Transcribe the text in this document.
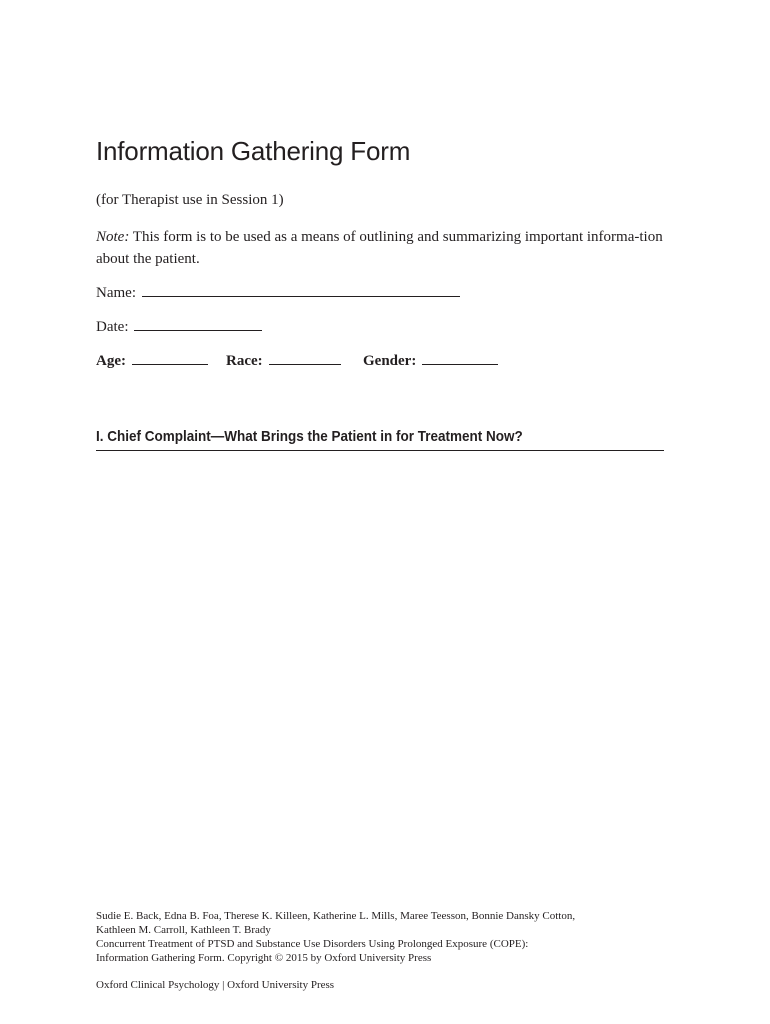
Information Gathering Form
(for Therapist use in Session 1)
Note: This form is to be used as a means of outlining and summarizing important informa-tion about the patient.
Name:
Date:
Age:	Race:	Gender:
I. Chief Complaint—What Brings the Patient in for Treatment Now?
Sudie E. Back, Edna B. Foa, Therese K. Killeen, Katherine L. Mills, Maree Teesson, Bonnie Dansky Cotton,
Kathleen M. Carroll, Kathleen T. Brady
Concurrent Treatment of PTSD and Substance Use Disorders Using Prolonged Exposure (COPE):
Information Gathering Form. Copyright © 2015 by Oxford University Press
Oxford Clinical Psychology | Oxford University Press
